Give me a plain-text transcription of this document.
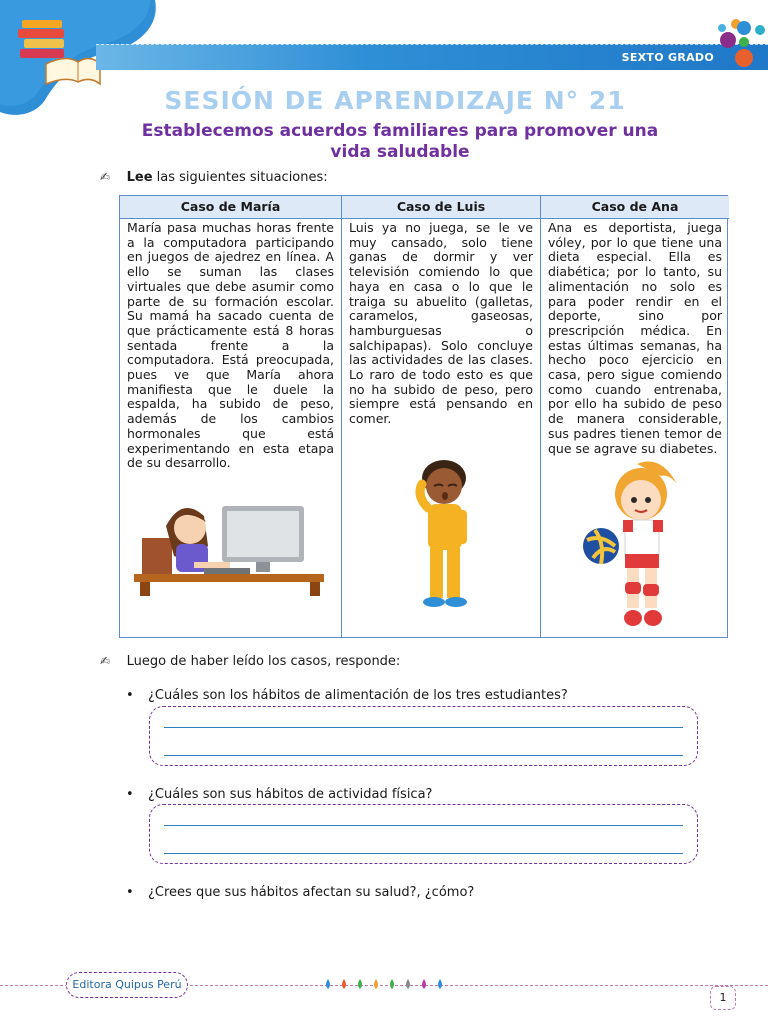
SEXTO GRADO
SESIÓN DE APRENDIZAJE N° 21
Establecemos acuerdos familiares para promover una vida saludable
✍ Lee las siguientes situaciones:
Caso de María
María pasa muchas horas frente a la computadora participando en juegos de ajedrez en línea. A ello se suman las clases virtuales que debe asumir como parte de su formación escolar. Su mamá ha sacado cuenta de que prácticamente está 8 horas sentada frente a la computadora. Está preocupada, pues ve que María ahora manifiesta que le duele la espalda, ha subido de peso, además de los cambios hormonales que está experimentando en esta etapa de su desarrollo.
Caso de Luis
Luis ya no juega, se le ve muy cansado, solo tiene ganas de dormir y ver televisión comiendo lo que haya en casa o lo que le traiga su abuelito (galletas, caramelos, gaseosas, hamburguesas o salchipapas). Solo concluye las actividades de las clases. Lo raro de todo esto es que no ha subido de peso, pero siempre está pensando en comer.
Caso de Ana
Ana es deportista, juega vóley, por lo que tiene una dieta especial. Ella es diabética; por lo tanto, su alimentación no solo es para poder rendir en el deporte, sino por prescripción médica. En estas últimas semanas, ha hecho poco ejercicio en casa, pero sigue comiendo como cuando entrenaba, por ello ha subido de peso de manera considerable, sus padres tienen temor de que se agrave su diabetes.
✍ Luego de haber leído los casos, responde:
• ¿Cuáles son los hábitos de alimentación de los tres estudiantes?
• ¿Cuáles son sus hábitos de actividad física?
• ¿Crees que sus hábitos afectan su salud?, ¿cómo?
Editora Quipus Perú
1
